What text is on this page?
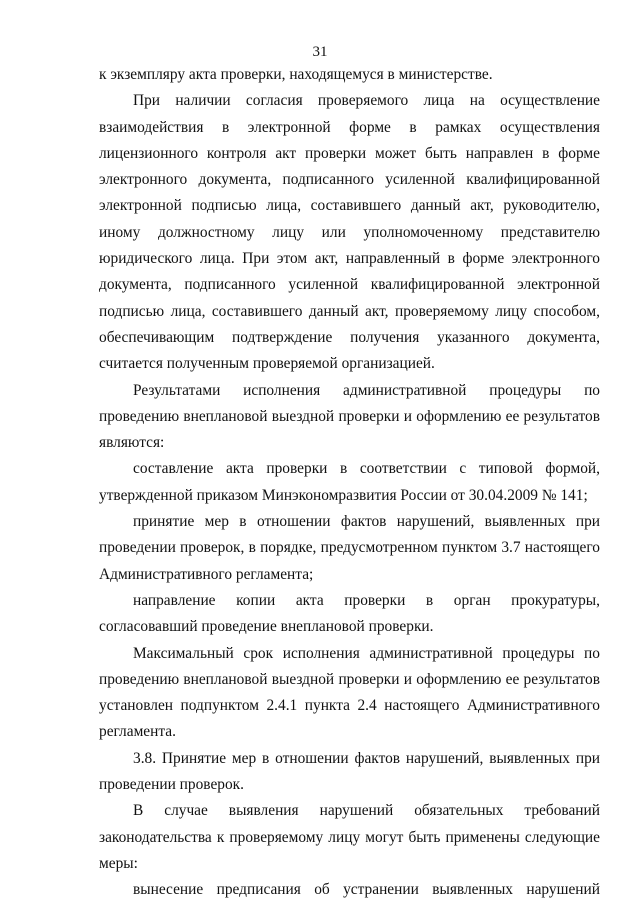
31

к экземпляру акта проверки, находящемуся в министерстве.

При наличии согласия проверяемого лица на осуществление взаимодействия в электронной форме в рамках осуществления лицензионного контроля акт проверки может быть направлен в форме электронного документа, подписанного усиленной квалифицированной электронной подписью лица, составившего данный акт, руководителю, иному должностному лицу или уполномоченному представителю юридического лица. При этом акт, направленный в форме электронного документа, подписанного усиленной квалифицированной электронной подписью лица, составившего данный акт, проверяемому лицу способом, обеспечивающим подтверждение получения указанного документа, считается полученным проверяемой организацией.

Результатами исполнения административной процедуры по проведению внеплановой выездной проверки и оформлению ее результатов являются:

составление акта проверки в соответствии с типовой формой, утвержденной приказом Минэкономразвития России от 30.04.2009 № 141;

принятие мер в отношении фактов нарушений, выявленных при проведении проверок, в порядке, предусмотренном пунктом 3.7 настоящего Административного регламента;

направление копии акта проверки в орган прокуратуры, согласовавший проведение внеплановой проверки.

Максимальный срок исполнения административной процедуры по проведению внеплановой выездной проверки и оформлению ее результатов установлен подпунктом 2.4.1 пункта 2.4 настоящего Административного регламента.

3.8. Принятие мер в отношении фактов нарушений, выявленных при проведении проверок.

В случае выявления нарушений обязательных требований законодательства к проверяемому лицу могут быть применены следующие меры:

вынесение предписания об устранении выявленных нарушений
